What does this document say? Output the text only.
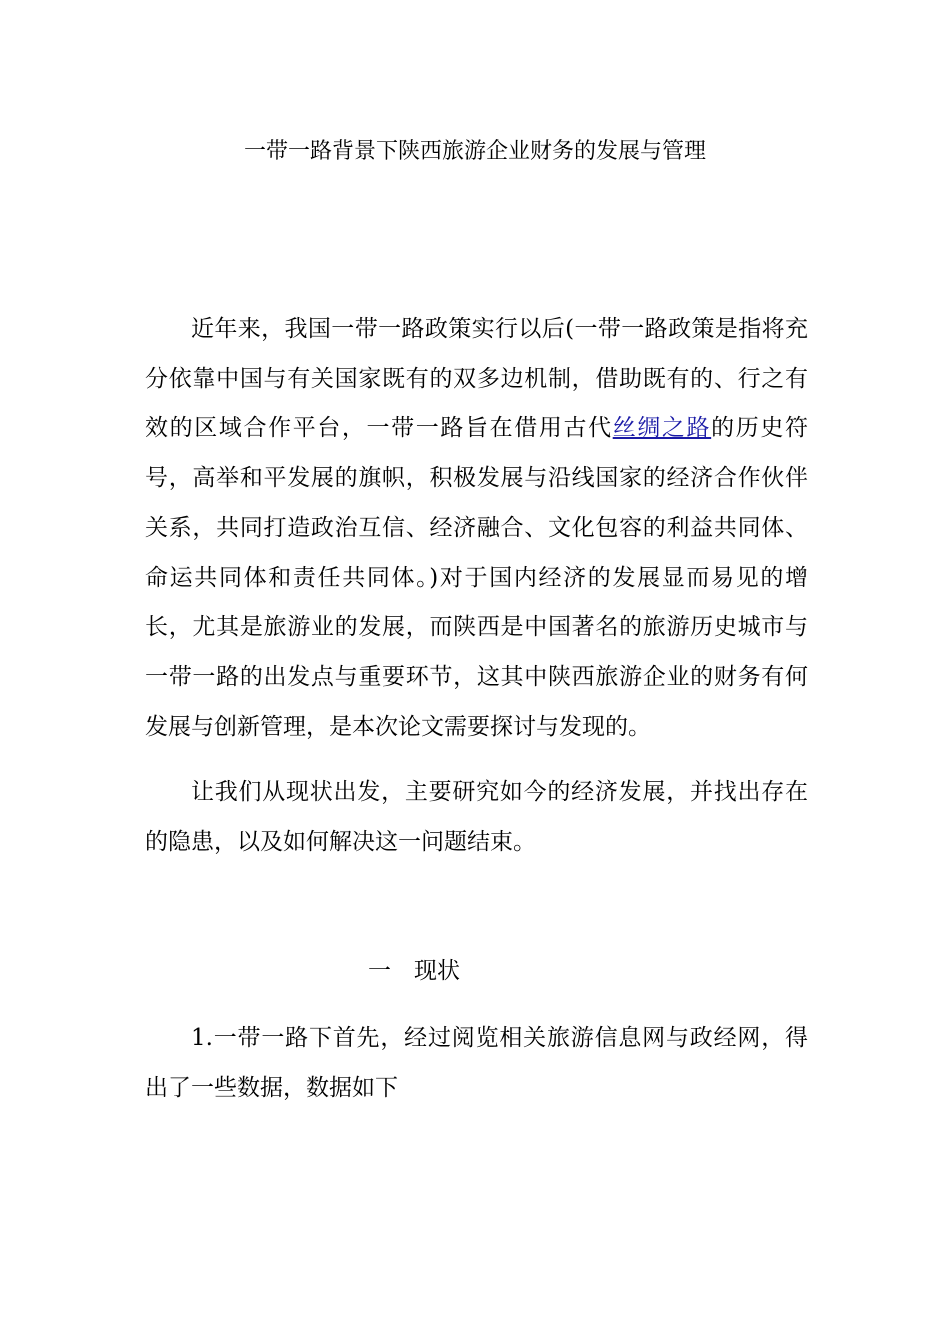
一带一路背景下陕西旅游企业财务的发展与管理

近年来，我国一带一路政策实行以后(一带一路政策是指将充分依靠中国与有关国家既有的双多边机制，借助既有的、行之有效的区域合作平台，一带一路旨在借用古代丝绸之路的历史符号，高举和平发展的旗帜，积极发展与沿线国家的经济合作伙伴关系，共同打造政治互信、经济融合、文化包容的利益共同体、命运共同体和责任共同体。)对于国内经济的发展显而易见的增长，尤其是旅游业的发展，而陕西是中国著名的旅游历史城市与一带一路的出发点与重要环节，这其中陕西旅游企业的财务有何发展与创新管理，是本次论文需要探讨与发现的。

让我们从现状出发，主要研究如今的经济发展，并找出存在的隐患，以及如何解决这一问题结束。

一　现状

1.一带一路下首先，经过阅览相关旅游信息网与政经网，得出了一些数据，数据如下
